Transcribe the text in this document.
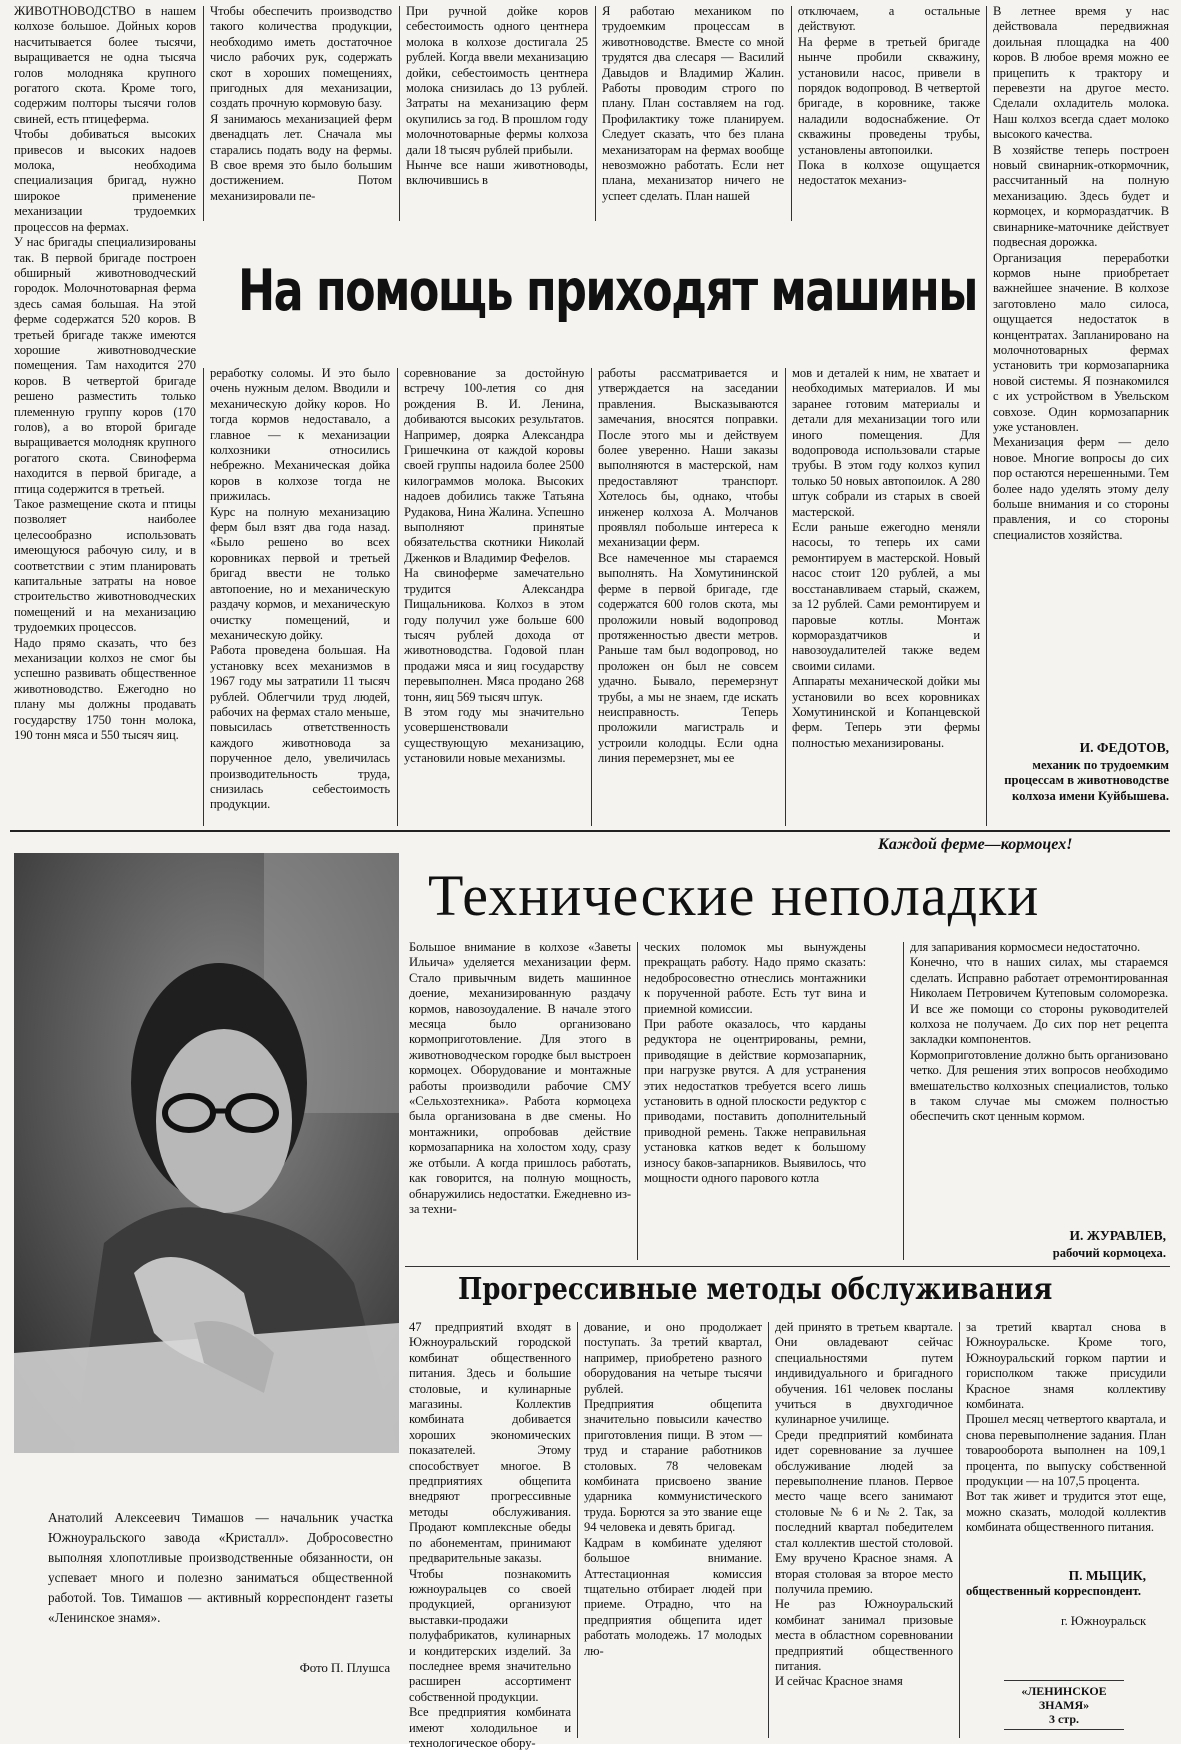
ЖИВОТНОВОДСТВО в нашем колхозе большое. Дойных коров насчитывается более тысячи, выращивается не одна тысяча голов молодняка крупного рогатого скота. Кроме того, содержим полторы тысячи голов свиней, есть птицеферма.
Чтобы добиваться высоких привесов и высоких надоев молока, необходима специализация бригад, нужно широкое применение механизации трудоемких процессов на фермах.
У нас бригады специализированы так. В первой бригаде построен обширный животноводческий городок. Молочнотоварная ферма здесь самая большая. На этой ферме содержатся 520 коров. В третьей бригаде также имеются хорошие животноводческие помещения. Там находится 270 коров. В четвертой бригаде решено разместить только племенную группу коров (170 голов), а во второй бригаде выращивается молодняк крупного рогатого скота. Свиноферма находится в первой бригаде, а птица содержится в третьей.
Такое размещение скота и птицы позволяет наиболее целесообразно использовать имеющуюся рабочую силу, и в соответствии с этим планировать капитальные затраты на новое строительство животноводческих помещений и на механизацию трудоемких процессов.
Надо прямо сказать, что без механизации колхоз не смог бы успешно развивать общественное животноводство. Ежегодно но плану мы должны продавать государству 1750 тонн молока, 190 тонн мяса и 550 тысяч яиц.
Чтобы обеспечить производство такого количества продукции, необходимо иметь достаточное число рабочих рук, содержать скот в хороших помещениях, пригодных для механизации, создать прочную кормовую базу.
Я занимаюсь механизацией ферм двенадцать лет. Сначала мы старались подать воду на фермы. В свое время это было большим достижением. Потом механизировали пе-
При ручной дойке коров себестоимость одного центнера молока в колхозе достигала 25 рублей. Когда ввели механизацию дойки, себестоимость центнера молока снизилась до 13 рублей. Затраты на механизацию ферм окупились за год. В прошлом году молочнотоварные фермы колхоза дали 18 тысяч рублей прибыли.
Нынче все наши животноводы, включившись в
Я работаю механиком по трудоемким процессам в животноводстве. Вместе со мной трудятся два слесаря — Василий Давыдов и Владимир Жалин. Работы проводим строго по плану. План составляем на год. Профилактику тоже планируем. Следует сказать, что без плана механизаторам на фермах вообще невозможно работать. Если нет плана, механизатор ничего не успеет сделать. План нашей
отключаем, а остальные действуют.
На ферме в третьей бригаде нынче пробили скважину, установили насос, привели в порядок водопровод. В четвертой бригаде, в коровнике, также наладили водоснабжение. От скважины проведены трубы, установлены автопоилки.
Пока в колхозе ощущается недостаток механиз-
В летнее время у нас действовала передвижная доильная площадка на 400 коров. В любое время можно ее прицепить к трактору и перевезти на другое место. Сделали охладитель молока. Наш колхоз всегда сдает молоко высокого качества.
В хозяйстве теперь построен новый свинарник-откормочник, рассчитанный на полную механизацию. Здесь будет и кормоцех, и кормораздатчик. В свинарнике-маточнике действует подвесная дорожка.
Организация переработки кормов ныне приобретает важнейшее значение. В колхозе заготовлено мало силоса, ощущается недостаток в концентратах. Запланировано на молочнотоварных фермах установить три кормозапарника новой системы. Я познакомился с их устройством в Увельском совхозе. Один кормозапарник уже установлен.
Механизация ферм — дело новое. Многие вопросы до сих пор остаются нерешенными. Тем более надо уделять этому делу больше внимания и со стороны правления, и со стороны специалистов хозяйства.
На помощь приходят машины
реработку соломы. И это было очень нужным делом. Вводили и механическую дойку коров. Но тогда кормов недоставало, а главное — к механизации колхозники относились небрежно. Механическая дойка коров в колхозе тогда не прижилась.
Курс на полную механизацию ферм был взят два года назад. «Было решено во всех коровниках первой и третьей бригад ввести не только автопоение, но и механическую раздачу кормов, и механическую очистку помещений, и механическую дойку.
Работа проведена большая. На установку всех механизмов в 1967 году мы затратили 11 тысяч рублей. Облегчили труд людей, рабочих на фермах стало меньше, повысилась ответственность каждого животновода за порученное дело, увеличилась производительность труда, снизилась себестоимость продукции.
соревнование за достойную встречу 100-летия со дня рождения В. И. Ленина, добиваются высоких результатов. Например, доярка Александра Гришечкина от каждой коровы своей группы надоила более 2500 килограммов молока. Высоких надоев добились также Татьяна Рудакова, Нина Жалина. Успешно выполняют принятые обязательства скотники Николай Дженков и Владимир Фефелов.
На свиноферме замечательно трудится Александра Пищальникова. Колхоз в этом году получил уже больше 600 тысяч рублей дохода от животноводства. Годовой план продажи мяса и яиц государству перевыполнен. Мяса продано 268 тонн, яиц 569 тысяч штук.
В этом году мы значительно усовершенствовали существующую механизацию, установили новые механизмы.
работы рассматривается и утверждается на заседании правления. Высказываются замечания, вносятся поправки. После этого мы и действуем более уверенно. Наши заказы выполняются в мастерской, нам предоставляют транспорт. Хотелось бы, однако, чтобы инженер колхоза А. Молчанов проявлял побольше интереса к механизации ферм.
Все намеченное мы стараемся выполнять. На Хомутининской ферме в первой бригаде, где содержатся 600 голов скота, мы проложили новый водопровод протяженностью двести метров. Раньше там был водопровод, но проложен он был не совсем удачно. Бывало, перемерзнут трубы, а мы не знаем, где искать неисправность. Теперь проложили магистраль и устроили колодцы. Если одна линия перемерзнет, мы ее
мов и деталей к ним, не хватает и необходимых материалов. И мы заранее готовим материалы и детали для механизации того или иного помещения. Для водопровода использовали старые трубы. В этом году колхоз купил только 50 новых автопоилок. А 280 штук собрали из старых в своей мастерской.
Если раньше ежегодно меняли насосы, то теперь их сами ремонтируем в мастерской. Новый насос стоит 120 рублей, а мы восстанавливаем старый, скажем, за 12 рублей. Сами ремонтируем и паровые котлы. Монтаж кормораздатчиков и навозоудалителей также ведем своими силами.
Аппараты механической дойки мы установили во всех коровниках Хомутининской и Копанцевской ферм. Теперь эти фермы полностью механизированы.	И. ФЕДОТОВ,
механик по трудоемким процессам в животноводстве колхоза имени Куйбышева.
Анатолий Алексеевич Тимашов — начальник участка Южноуральского завода «Кристалл». Добросовестно выполняя хлопотливые производственные обязанности, он успевает много и полезно заниматься общественной работой. Тов. Тимашов — активный корреспондент газеты «Ленинское знамя».
Фото П. Плушса
Каждой ферме—кормоцех!
Технические неполадки
Большое внимание в колхозе «Заветы Ильича» уделяется механизации ферм. Стало привычным видеть машинное доение, механизированную раздачу кормов, навозоудаление. В начале этого месяца было организовано кормоприготовление. Для этого в животноводческом городке был выстроен кормоцех. Оборудование и монтажные работы производили рабочие СМУ «Сельхозтехника». Работа кормоцеха была организована в две смены. Но монтажники, опробовав действие кормозапарника на холостом ходу, сразу же отбыли. А когда пришлось работать, как говорится, на полную мощность, обнаружились недостатки. Ежедневно из-за техни-
ческих поломок мы вынуждены прекращать работу. Надо прямо сказать: недобросовестно отнеслись монтажники к порученной работе. Есть тут вина и приемной комиссии.
При работе оказалось, что карданы редуктора не оцентрированы, ремни, приводящие в действие кормозапарник, при нагрузке рвутся. А для устранения этих недостатков требуется всего лишь установить в одной плоскости редуктор с приводами, поставить дополнительный приводной ремень. Также неправильная установка катков ведет к большому износу баков-запарников. Выявилось, что мощности одного парового котла
для запаривания кормосмеси недостаточно.
Конечно, что в наших силах, мы стараемся сделать. Исправно работает отремонтированная Николаем Петровичем Кутеповым соломорезка. И все же помощи со стороны руководителей колхоза не получаем. До сих пор нет рецепта закладки компонентов.
Кормоприготовление должно быть организовано четко. Для решения этих вопросов необходимо вмешательство колхозных специалистов, только в таком случае мы сможем полностью обеспечить скот ценным кормом.
И. ЖУРАВЛЕВ,
рабочий кормоцеха.
Прогрессивные методы обслуживания
47 предприятий входят в Южноуральский городской комбинат общественного питания. Здесь и большие столовые, и кулинарные магазины. Коллектив комбината добивается хороших экономических показателей. Этому способствует многое. В предприятиях общепита внедряют прогрессивные методы обслуживания. Продают комплексные обеды по абонементам, принимают предварительные заказы.
Чтобы познакомить южноуральцев со своей продукцией, организуют выставки-продажи полуфабрикатов, кулинарных и кондитерских изделий. За последнее время значительно расширен ассортимент собственной продукции.
Все предприятия комбината имеют холодильное и технологическое обору-
дование, и оно продолжает поступать. За третий квартал, например, приобретено разного оборудования на четыре тысячи рублей.
Предприятия общепита значительно повысили качество приготовления пищи. В этом — труд и старание работников столовых. 78 человекам комбината присвоено звание ударника коммунистического труда. Борются за это звание еще 94 человека и девять бригад.
Кадрам в комбинате уделяют большое внимание. Аттестационная комиссия тщательно отбирает людей при приеме. Отрадно, что на предприятия общепита идет работать молодежь. 17 молодых лю-
дей принято в третьем квартале. Они овладевают сейчас специальностями путем индивидуального и бригадного обучения. 161 человек посланы учиться в двухгодичное кулинарное училище.
Среди предприятий комбината идет соревнование за лучшее обслуживание людей за перевыполнение планов. Первое место чаще всего занимают столовые № 6 и № 2. Так, за последний квартал победителем стал коллектив шестой столовой. Ему вручено Красное знамя. А вторая столовая за второе место получила премию.
Не раз Южноуральский комбинат занимал призовые места в областном соревновании предприятий общественного питания.
И сейчас Красное знамя
за третий квартал снова в Южноуральске. Кроме того, Южноуральский горком партии и горисполком также присудили Красное знамя коллективу комбината.
Прошел месяц четвертого квартала, и снова перевыполнение задания. План товарооборота выполнен на 109,1 процента, по выпуску собственной продукции — на 107,5 процента.
Вот так живет и трудится этот еще, можно сказать, молодой коллектив комбината общественного питания.
П. МЫЦИК,
общественный корреспондент.
г. Южноуральск
«ЛЕНИНСКОЕ ЗНАМЯ»
3 стр.
